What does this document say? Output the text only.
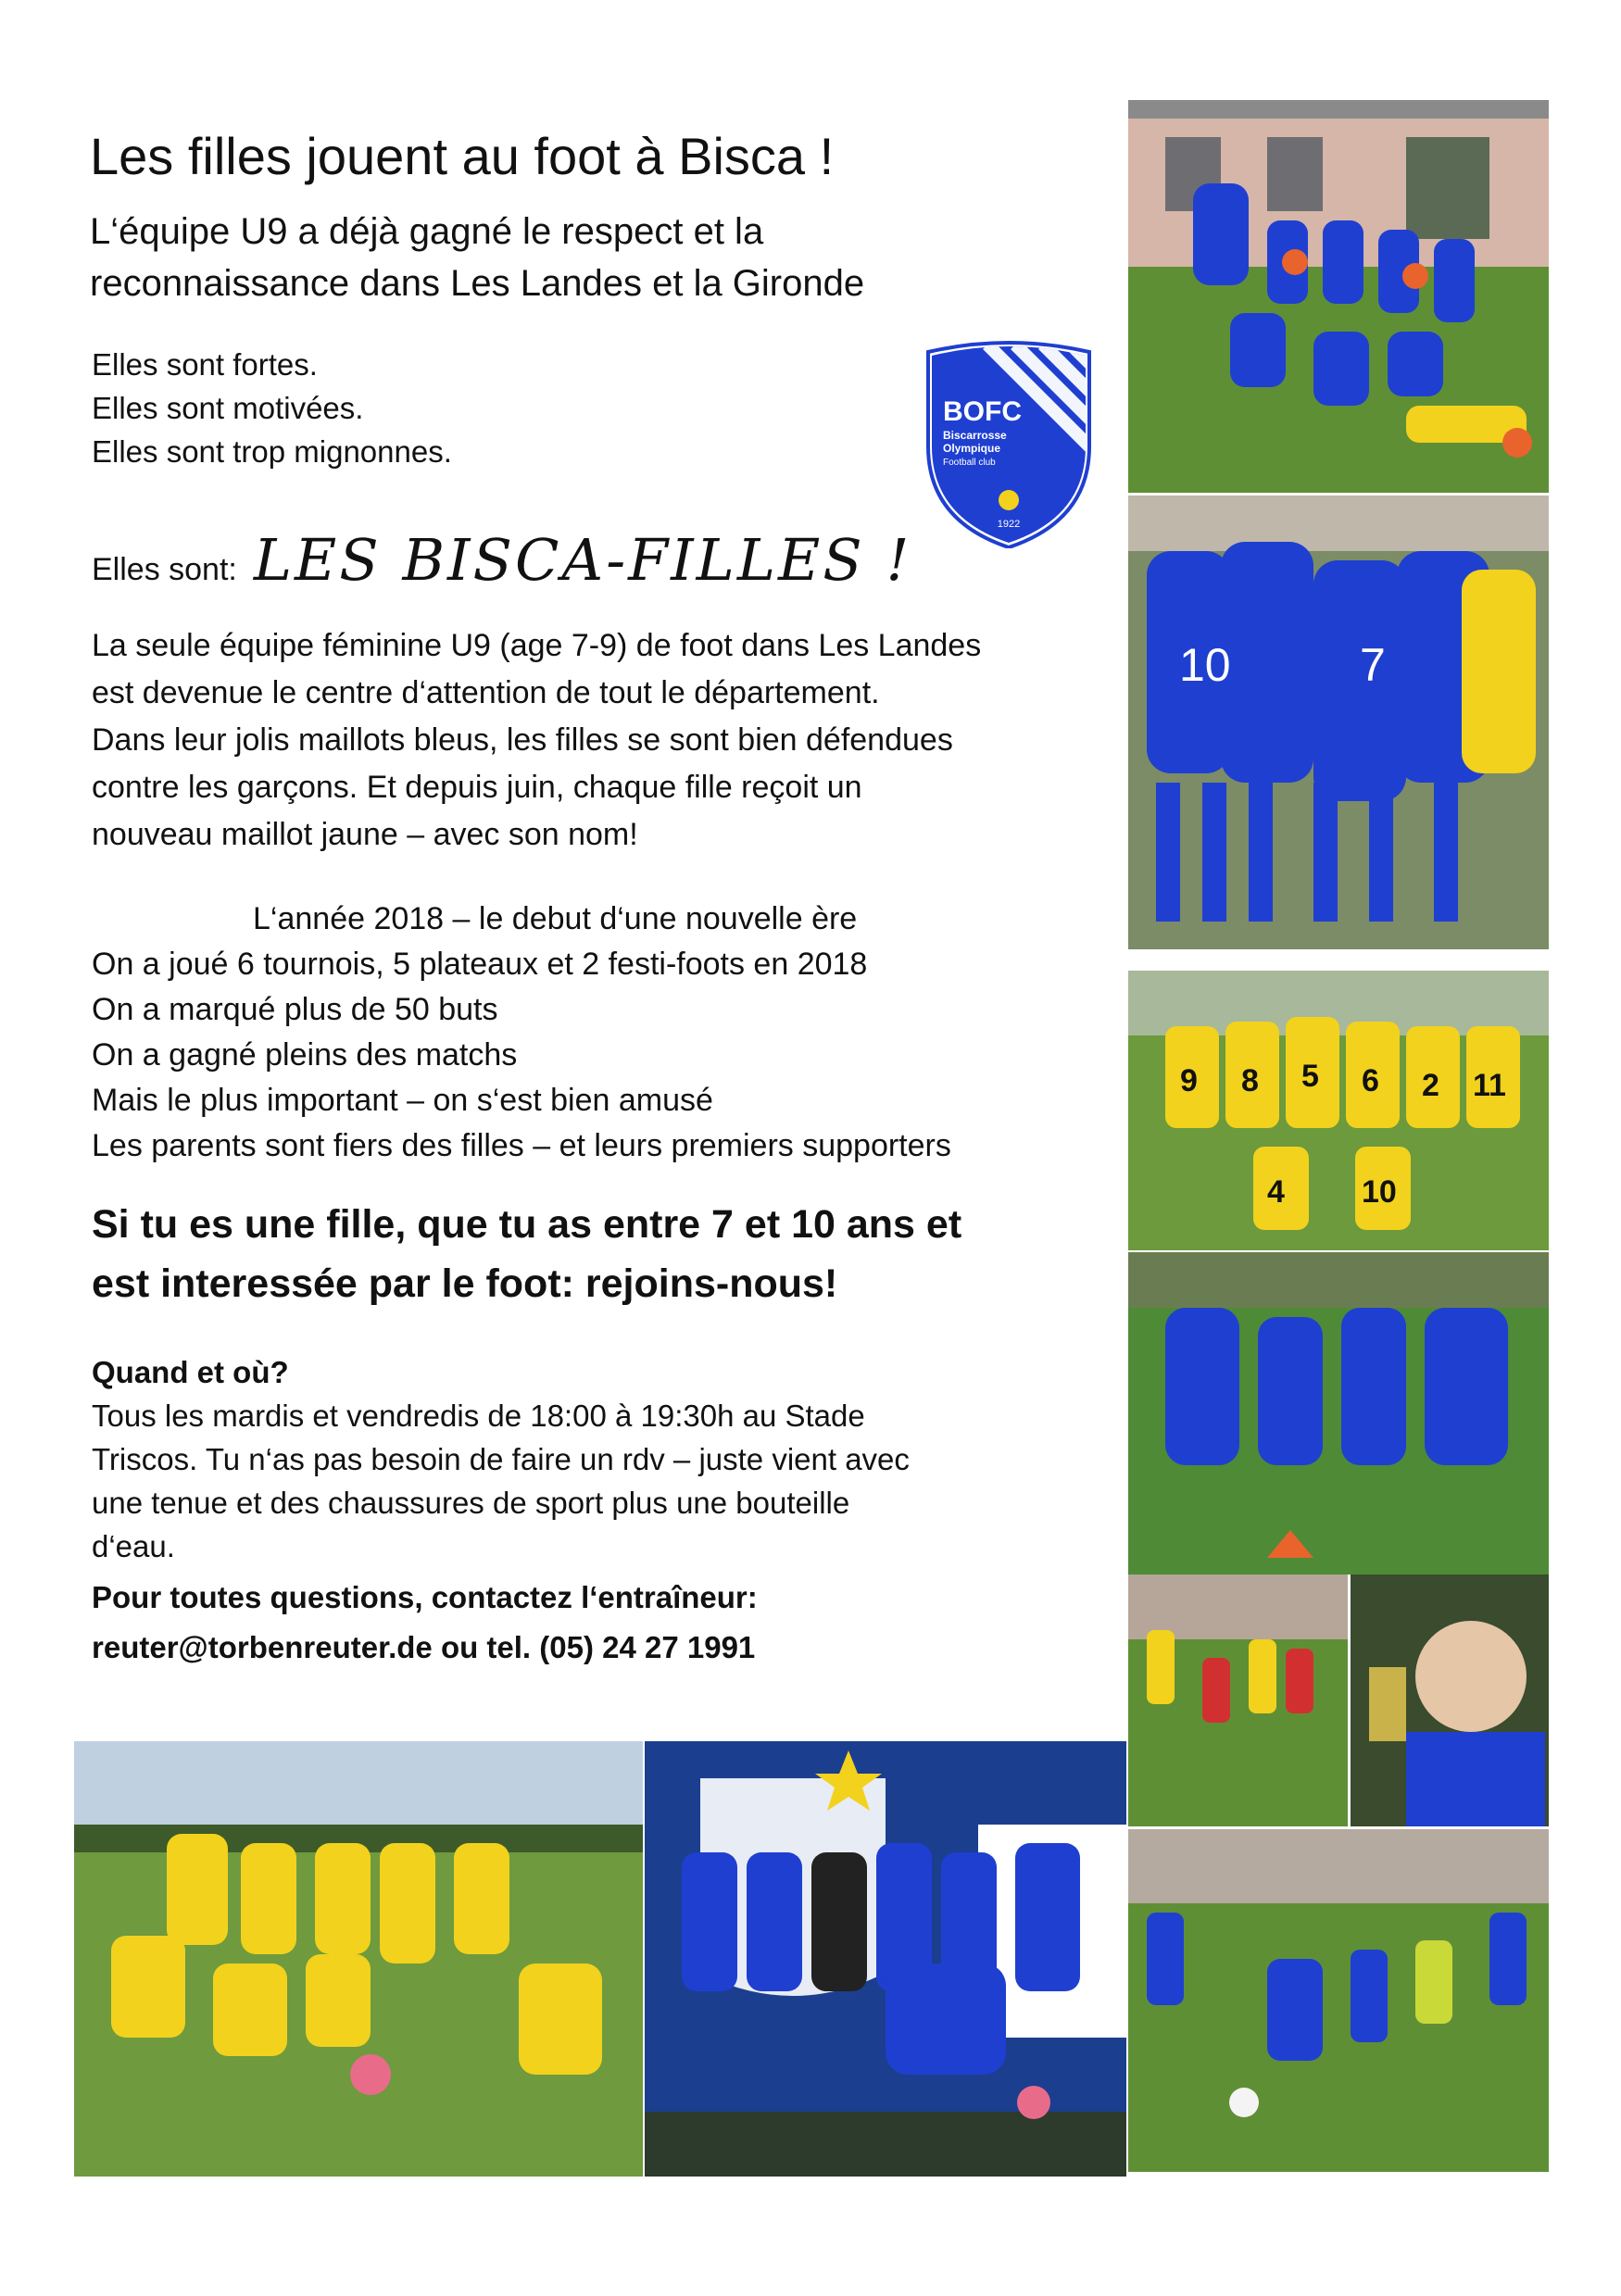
Les filles jouent au foot à Bisca !
L‘équipe U9 a déjà gagné le respect et la
reconnaissance dans Les Landes et la Gironde
Elles sont fortes.
Elles sont motivées.
Elles sont trop mignonnes.
Elles sont: LES BISCA-FILLES !
La seule équipe féminine U9 (age 7-9) de foot dans Les Landes
est devenue le centre d‘attention de tout le département.
Dans leur jolis maillots bleus, les filles se sont bien défendues
contre les garçons. Et depuis juin, chaque fille reçoit un
nouveau maillot jaune – avec son nom!
L‘année 2018 – le debut d‘une nouvelle ère
On a joué 6 tournois, 5 plateaux et 2 festi-foots en 2018
On a marqué plus de 50 buts
On a gagné pleins des matchs
Mais le plus important – on s‘est bien amusé
Les parents sont fiers des filles – et leurs premiers supporters
Si tu es une fille, que tu as entre 7 et 10 ans et
est interessée par le foot: rejoins-nous!
Quand et où?
Tous les mardis et vendredis de 18:00 à 19:30h au Stade
Triscos. Tu n‘as pas besoin de faire un rdv – juste vient avec
une tenue et des chaussures de sport plus une bouteille
d‘eau.
Pour toutes questions, contactez l‘entraîneur:
reuter@torbenreuter.de ou tel. (05) 24 27 1991
BOFC
Biscarrosse
Olympique
Football club
1922
10	7
9 8 5 6 2 11
4 10
